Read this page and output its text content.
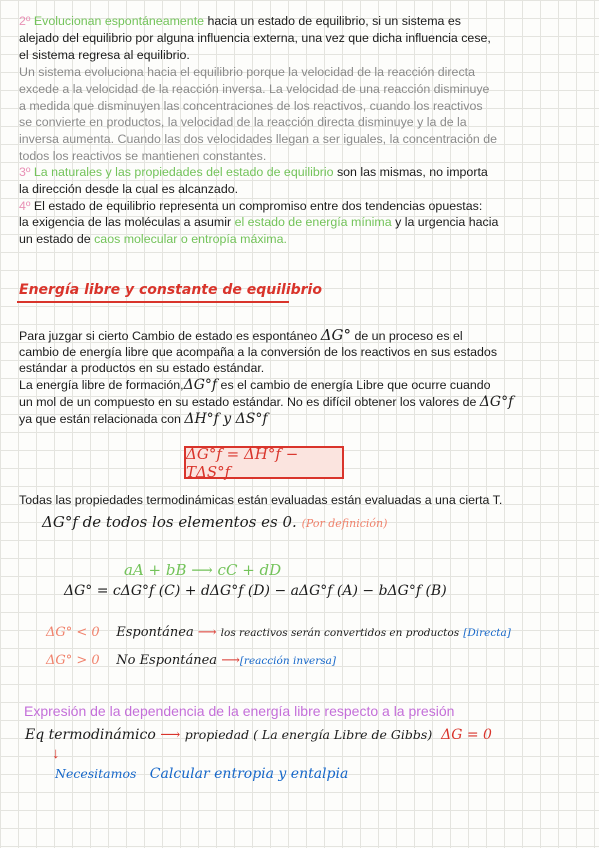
2º Evolucionan espontáneamente hacia un estado de equilibrio, si un sistema es

alejado del equilibrio por alguna influencia externa, una vez que dicha influencia cese,

el sistema regresa al equilibrio.

Un sistema evoluciona hacia el equilibrio porque la velocidad de la reacción directa

excede a la velocidad de la reacción inversa. La velocidad de una reacción disminuye

a medida que disminuyen las concentraciones de los reactivos, cuando los reactivos

se convierte en productos, la velocidad de la reacción directa disminuye y la de la

inversa aumenta. Cuando las dos velocidades llegan a ser iguales, la concentración de

todos los reactivos se mantienen constantes.

3º La naturales y las propiedades del estado de equilibrio son las mismas, no importa

la dirección desde la cual es alcanzado.

4º El estado de equilibrio representa un compromiso entre dos tendencias opuestas:

la exigencia de las moléculas a asumir el estado de energía mínima y la urgencia hacia

un estado de caos molecular o entropía máxima.

Energía libre y constante de equilibrio

Para juzgar si cierto Cambio de estado es espontáneo ΔG° de un proceso es el

cambio de energía libre que acompaña a la conversión de los reactivos en sus estados

estándar a productos en su estado estándar.

La energía libre de formación,ΔG°f es el cambio de energía Libre que ocurre cuando

un mol de un compuesto en su estado estándar. No es difícil obtener los valores de ΔG°f

ya que están relacionada con ΔH°f y ΔS°f

ΔG°f = ΔH°f − TΔS°f

Todas las propiedades termodinámicas están evaluadas están evaluadas a una cierta T.

ΔG°f de todos los elementos es 0. (Por definición)

aA + bB ⟶ cC + dD

ΔG° = cΔG°f (C) + dΔG°f (D) − aΔG°f (A) − bΔG°f (B)

ΔG° < 0 Espontánea ⟶ los reactivos serán convertidos en productos [Directa]

ΔG° > 0 No Espontánea ⟶[reacción inversa]

Expresión de la dependencia de la energía libre respecto a la presión

Eq termodinámico ⟶ propiedad ( La energía Libre de Gibbs) ΔG = 0

↓

Necesitamos Calcular entropia y entalpia
